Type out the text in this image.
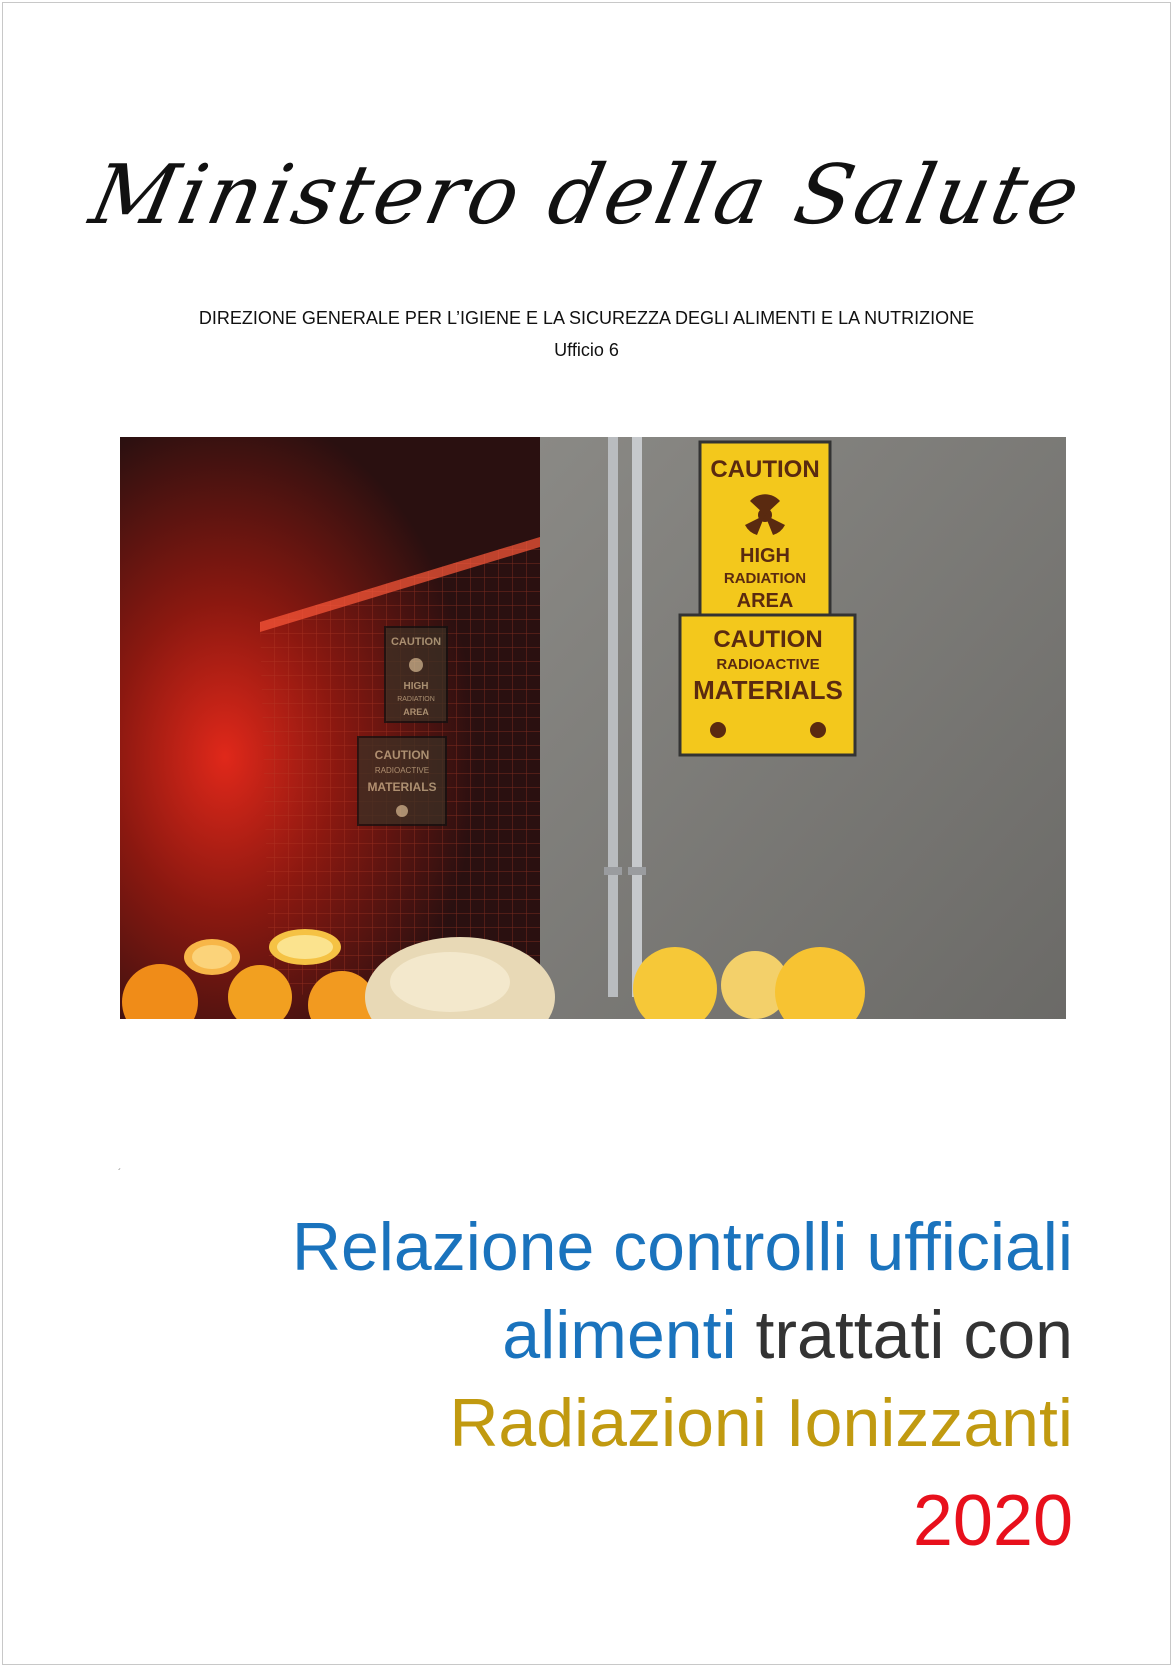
Ministero della Salute
DIREZIONE GENERALE PER L’IGIENE E LA SICUREZZA DEGLI ALIMENTI E LA NUTRIZIONE
Ufficio 6
CAUTION
HIGH
RADIATION
AREA
CAUTION
RADIOACTIVE
MATERIALS
CAUTION
HIGH
RADIATION
AREA
CAUTION
RADIOACTIVE
MATERIALS
´
Relazione controlli ufficiali
alimenti trattati con
Radiazioni Ionizzanti
2020
